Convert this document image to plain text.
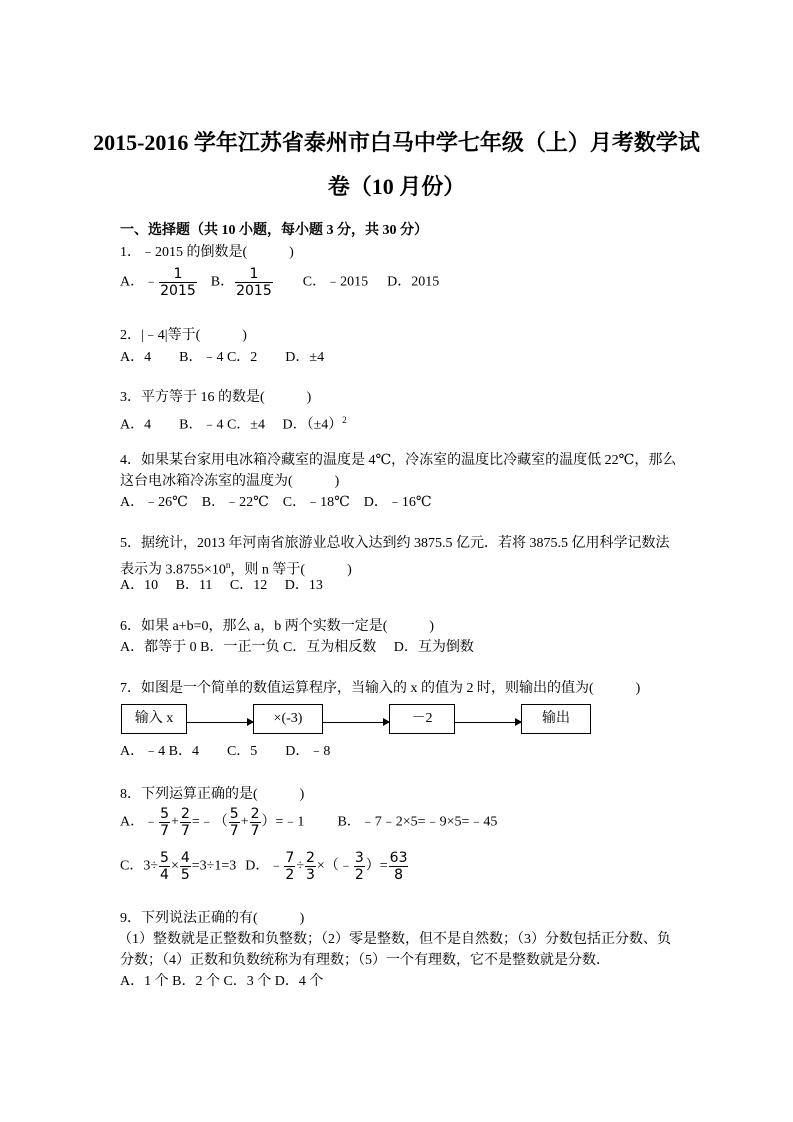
2015-2016 学年江苏省泰州市白马中学七年级（上）月考数学试
卷（10 月份）
一、选择题（共 10 小题，每小题 3 分，共 30 分）
1．﹣2015 的倒数是(　　　)
A．﹣ $\frac{1}{2015}$ B． $\frac{1}{2015}$ C．﹣2015 D．2015
2．|﹣4|等于(　　　)
A．4　　B．﹣4 C．2　　D．±4
3．平方等于 16 的数是(　　　)
A．4　　B．﹣4 C．±4　 D．$(\pm 4)^2$
4．如果某台家用电冰箱冷藏室的温度是 4℃，冷冻室的温度比冷藏室的温度低 22℃，那么
这台电冰箱冷冻室的温度为(　　　)
A．﹣26℃　B．﹣22℃　C．﹣18℃　D．﹣16℃
5．据统计，2013 年河南省旅游业总收入达到约 3875.5 亿元．若将 3875.5 亿用科学记数法
表示为 $3.8755\times 10^n$，则 n 等于(　　　)
A．10　 B．11　 C．12　 D．13
6．如果 a+b=0，那么 a，b 两个实数一定是(　　　)
A．都等于 0 B．一正一负 C．互为相反数　 D．互为倒数
7．如图是一个简单的数值运算程序，当输入的 x 的值为 2 时，则输出的值为(　　　)
输入 x	×(-3)	－2	输出
A．﹣4 B．4　　C．5　　D．﹣8
8．下列运算正确的是(　　　)
A．﹣ $\frac{5}{7} + \frac{2}{7}$ =﹣（ $\frac{5}{7} + \frac{2}{7}$ ）=﹣1 B．﹣7﹣2×5=﹣9×5=﹣45
C．$3\div \frac{5}{4} \times \frac{4}{5} =3\div 1=3$ D．﹣ $\frac{7}{2} \div \frac{2}{3}$ ×（﹣ $\frac{3}{2}$ ）= $\frac{63}{8}$
9．下列说法正确的有(　　　)
（1）整数就是正整数和负整数；（2）零是整数，但不是自然数；（3）分数包括正分数、负
分数；（4）正数和负数统称为有理数；（5）一个有理数，它不是整数就是分数．
A．1 个 B．2 个 C．3 个 D．4 个
